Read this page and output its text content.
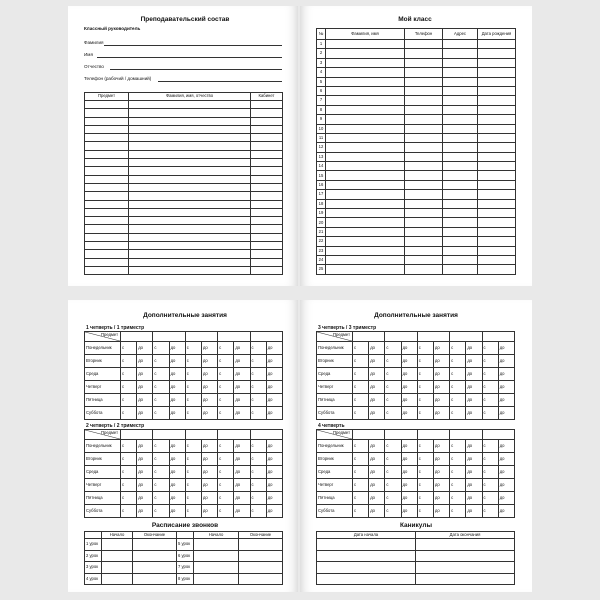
Преподавательский состав
Классный руководитель
Фамилия
Имя
Отчество
Телефон (рабочий / домашний)
Предмет	Фамилия, имя, отчество	Кабинет

Мой класс
№	Фамилия, имя	Телефон	Адрес	Дата рождения
1				
2				
3				
4				
5				
6				
7				
8				
9				
10				
11				
12				
13				
14				
15				
16				
17				
18				
19				
20				
21				
22				
23				
24				
25				
Дополнительные занятия
1 четверть / 1 триместр
Предмет										

Понедельник	с	до	с	до	с	до	с	до	с	до
Вторник	с	до	с	до	с	до	с	до	с	до
Среда	с	до	с	до	с	до	с	до	с	до
Четверг	с	до	с	до	с	до	с	до	с	до
Пятница	с	до	с	до	с	до	с	до	с	до
Суббота	с	до	с	до	с	до	с	до	с	до
2 четверть / 2 триместр
Предмет										

Понедельник	с	до	с	до	с	до	с	до	с	до
Вторник	с	до	с	до	с	до	с	до	с	до
Среда	с	до	с	до	с	до	с	до	с	до
Четверг	с	до	с	до	с	до	с	до	с	до
Пятница	с	до	с	до	с	до	с	до	с	до
Суббота	с	до	с	до	с	до	с	до	с	до
Дополнительные занятия
3 четверть / 3 триместр
Предмет										

Понедельник	с	до	с	до	с	до	с	до	с	до
Вторник	с	до	с	до	с	до	с	до	с	до
Среда	с	до	с	до	с	до	с	до	с	до
Четверг	с	до	с	до	с	до	с	до	с	до
Пятница	с	до	с	до	с	до	с	до	с	до
Суббота	с	до	с	до	с	до	с	до	с	до
4 четверть
Предмет										

Понедельник	с	до	с	до	с	до	с	до	с	до
Вторник	с	до	с	до	с	до	с	до	с	до
Среда	с	до	с	до	с	до	с	до	с	до
Четверг	с	до	с	до	с	до	с	до	с	до
Пятница	с	до	с	до	с	до	с	до	с	до
Суббота	с	до	с	до	с	до	с	до	с	до
Расписание звонков
	Начало	Окончание		Начало	Окончание
1 урок			5 урок		
2 урок			6 урок		
3 урок			7 урок		
4 урок			8 урок		
Каникулы
Дата начала	Дата окончания
